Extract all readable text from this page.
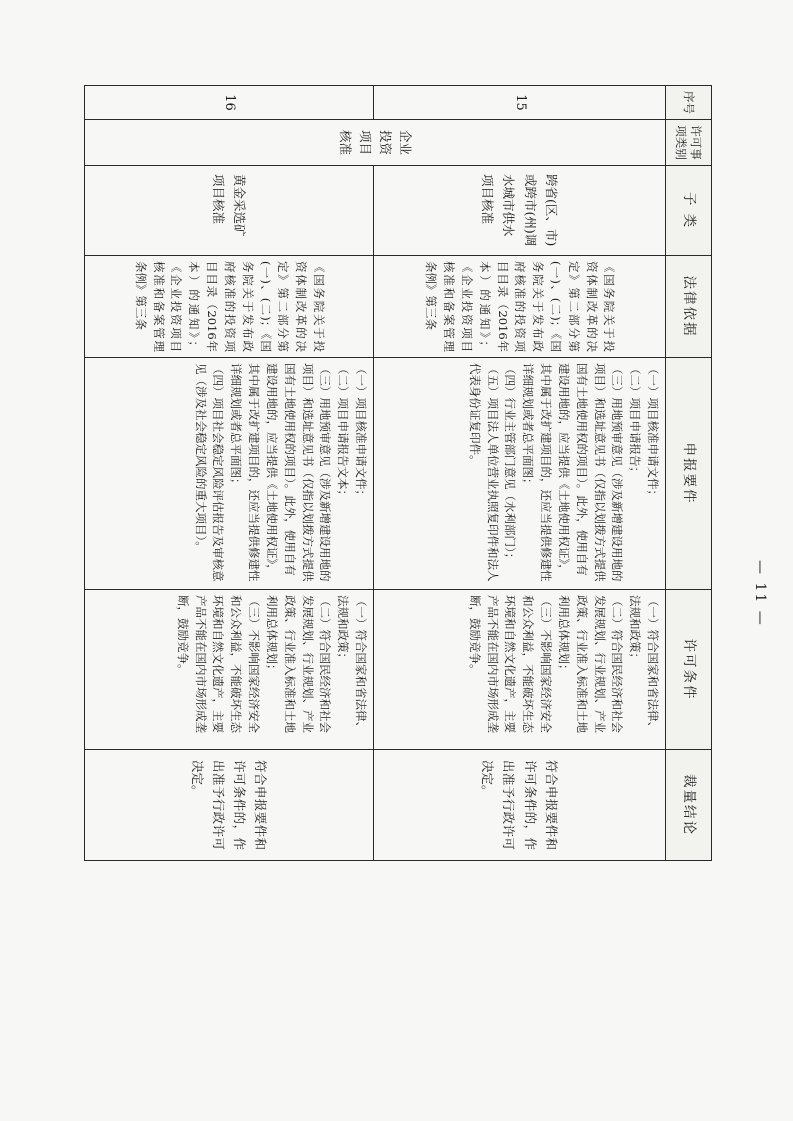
序号	许可事项类别	子 类	法律依据	申报要件	许可条件	裁量结论
15	企业投资项目核准	跨省(区、市)或跨市(州)调水城市供水项目核准	《国务院关于投资体制改革的决定》第二部分第(一)、(二)；《国务院关于发布政府核准的投资项目目录（2016年本）的通知》；《企业投资项目核准和备案管理条例》第三条	（一）项目核准申请文件；
（二）项目申请报告；
（三）用地预审意见（涉及新增建设用地的项目）和选址意见书（仅指以划拨方式提供国有土地使用权的项目）。此外，使用自有建设用地的，应当提供《土地使用权证》，其中属于改扩建项目的，还应当提供修建性详细规划或者总平面图；
（四）行业主管部门意见（水利部门）；
（五）项目法人单位营业执照复印件和法人代表身份证复印件。	（一）符合国家和省法律、法规和政策；
（二）符合国民经济和社会发展规划、行业规划、产业政策、行业准入标准和土地利用总体规划；
（三）不影响国家经济安全和公众利益，不能破坏生态环境和自然文化遗产，主要产品不能在国内市场形成垄断，鼓励竞争。	符合申报要件和许可条件的，作出准予行政许可决定。
16		黄金采选矿项目核准	《国务院关于投资体制改革的决定》第二部分第(一)、(二)；《国务院关于发布政府核准的投资项目目录（2016年本）的通知》；《企业投资项目核准和备案管理条例》第三条	（一）项目核准申请文件；
（二）项目申请报告文本；
（三）用地预审意见（涉及新增建设用地的项目）和选址意见书（仅指以划拨方式提供国有土地使用权的项目）。此外，使用自有建设用地的，应当提供《土地使用权证》，其中属于改扩建项目的，还应当提供修建性详细规划或者总平面图；
（四）项目社会稳定风险评估报告及审核意见（涉及社会稳定风险的重大项目）。	（一）符合国家和省法律、法规和政策；
（二）符合国民经济和社会发展规划、行业规划、产业政策、行业准入标准和土地利用总体规划；
（三）不影响国家经济安全和公众利益，不能破坏生态环境和自然文化遗产，主要产品不能在国内市场形成垄断，鼓励竞争。	符合申报要件和许可条件的，作出准予行政许可决定。
— 11 —
